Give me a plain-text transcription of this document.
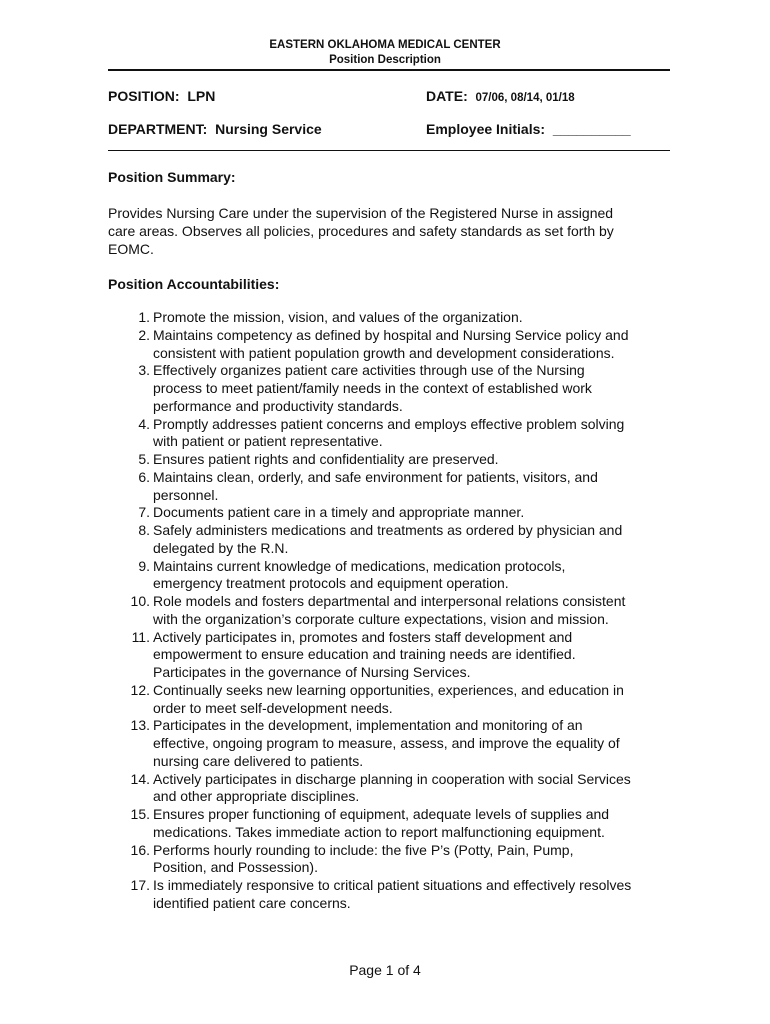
EASTERN OKLAHOMA MEDICAL CENTER
Position Description
POSITION: LPN	DATE: 07/06, 08/14, 01/18
DEPARTMENT: Nursing Service	Employee Initials: __________
Position Summary:
Provides Nursing Care under the supervision of the Registered Nurse in assigned
care areas. Observes all policies, procedures and safety standards as set forth by
EOMC.
Position Accountabilities:
1. Promote the mission, vision, and values of the organization.
2. Maintains competency as defined by hospital and Nursing Service policy and
consistent with patient population growth and development considerations.
3. Effectively organizes patient care activities through use of the Nursing
process to meet patient/family needs in the context of established work
performance and productivity standards.
4. Promptly addresses patient concerns and employs effective problem solving
with patient or patient representative.
5. Ensures patient rights and confidentiality are preserved.
6. Maintains clean, orderly, and safe environment for patients, visitors, and
personnel.
7. Documents patient care in a timely and appropriate manner.
8. Safely administers medications and treatments as ordered by physician and
delegated by the R.N.
9. Maintains current knowledge of medications, medication protocols,
emergency treatment protocols and equipment operation.
10. Role models and fosters departmental and interpersonal relations consistent
with the organization’s corporate culture expectations, vision and mission.
11. Actively participates in, promotes and fosters staff development and
empowerment to ensure education and training needs are identified.
Participates in the governance of Nursing Services.
12. Continually seeks new learning opportunities, experiences, and education in
order to meet self-development needs.
13. Participates in the development, implementation and monitoring of an
effective, ongoing program to measure, assess, and improve the equality of
nursing care delivered to patients.
14. Actively participates in discharge planning in cooperation with social Services
and other appropriate disciplines.
15. Ensures proper functioning of equipment, adequate levels of supplies and
medications. Takes immediate action to report malfunctioning equipment.
16. Performs hourly rounding to include: the five P’s (Potty, Pain, Pump,
Position, and Possession).
17. Is immediately responsive to critical patient situations and effectively resolves
identified patient care concerns.
Page 1 of 4
